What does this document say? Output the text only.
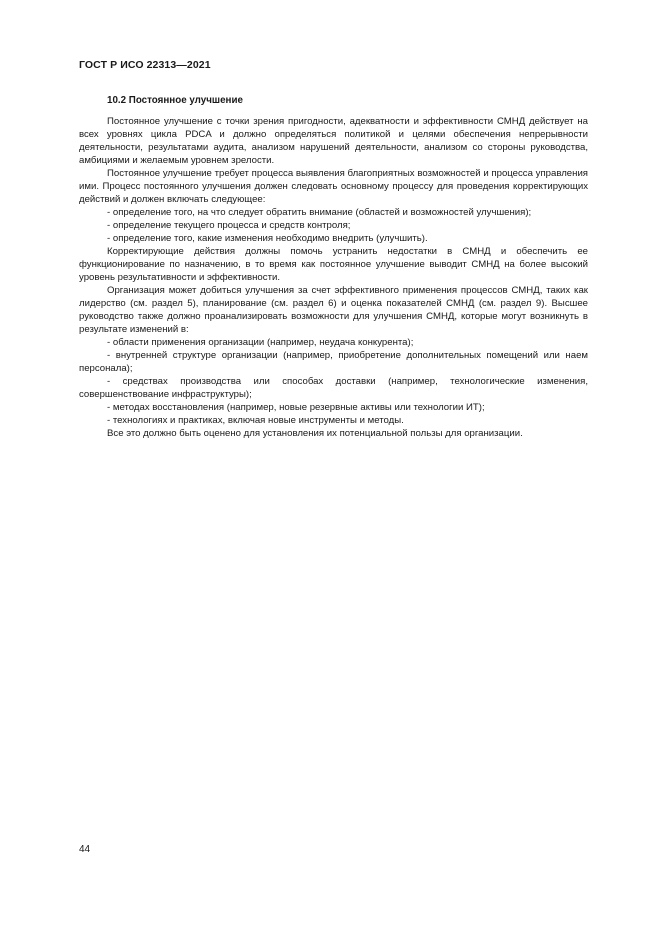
ГОСТ Р ИСО 22313—2021
10.2 Постоянное улучшение

Постоянное улучшение с точки зрения пригодности, адекватности и эффективности СМНД действует на всех уровнях цикла PDCA и должно определяться политикой и целями обеспечения непрерывности деятельности, результатами аудита, анализом нарушений деятельности, анализом со стороны руководства, амбициями и желаемым уровнем зрелости.

Постоянное улучшение требует процесса выявления благоприятных возможностей и процесса управления ими. Процесс постоянного улучшения должен следовать основному процессу для проведения корректирующих действий и должен включать следующее:

- определение того, на что следует обратить внимание (областей и возможностей улучшения);

- определение текущего процесса и средств контроля;

- определение того, какие изменения необходимо внедрить (улучшить).

Корректирующие действия должны помочь устранить недостатки в СМНД и обеспечить ее функционирование по назначению, в то время как постоянное улучшение выводит СМНД на более высокий уровень результативности и эффективности.

Организация может добиться улучшения за счет эффективного применения процессов СМНД, таких как лидерство (см. раздел 5), планирование (см. раздел 6) и оценка показателей СМНД (см. раздел 9). Высшее руководство также должно проанализировать возможности для улучшения СМНД, которые могут возникнуть в результате изменений в:

- области применения организации (например, неудача конкурента);

- внутренней структуре организации (например, приобретение дополнительных помещений или наем персонала);

- средствах производства или способах доставки (например, технологические изменения, совершенствование инфраструктуры);

- методах восстановления (например, новые резервные активы или технологии ИТ);

- технологиях и практиках, включая новые инструменты и методы.

Все это должно быть оценено для установления их потенциальной пользы для организации.

44
